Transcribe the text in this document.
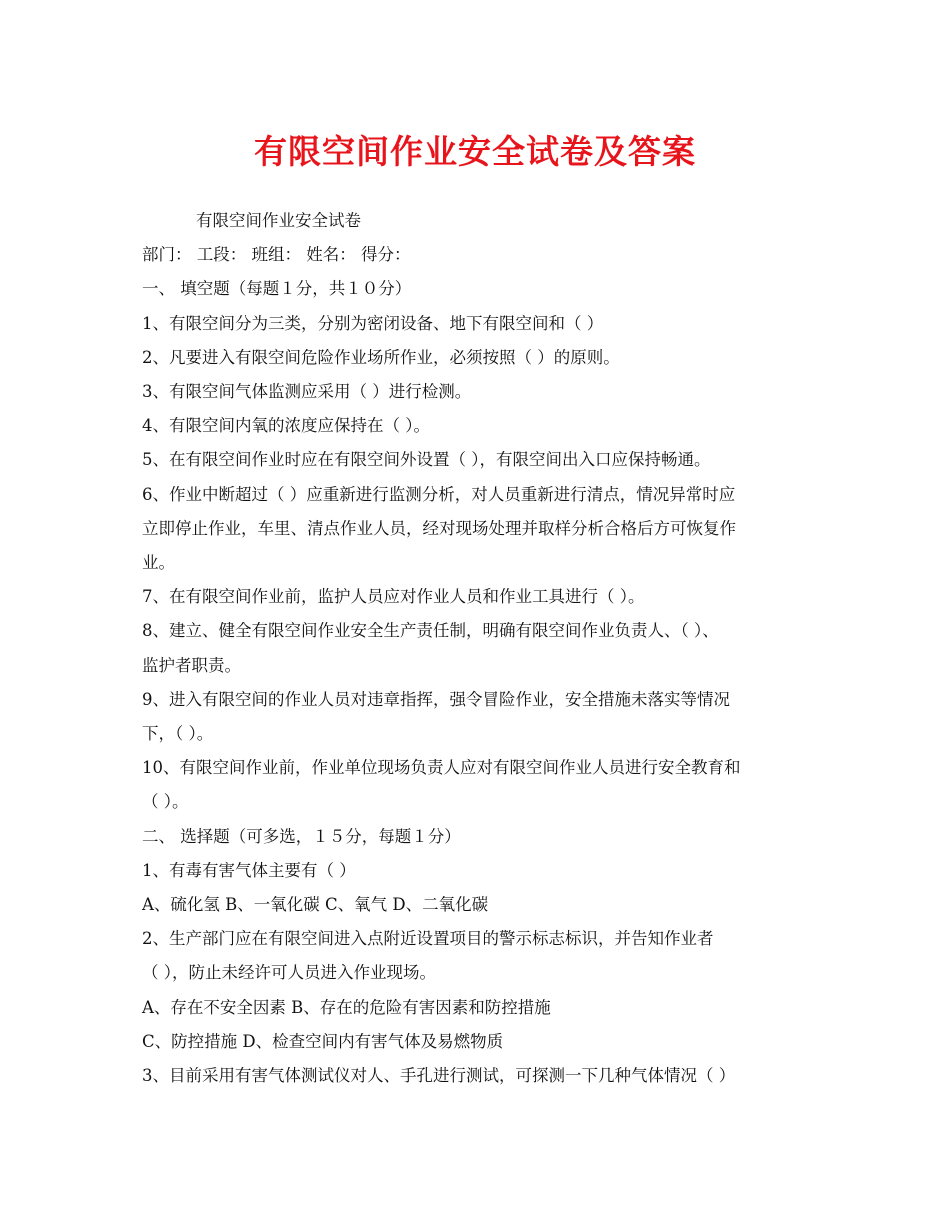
有限空间作业安全试卷及答案
有限空间作业安全试卷
部门： 工段： 班组： 姓名： 得分：
一、 填空题（每题１分，共１０分）
1、有限空间分为三类，分别为密闭设备、地下有限空间和（ ）
2、凡要进入有限空间危险作业场所作业，必须按照（ ）的原则。
3、有限空间气体监测应采用（ ）进行检测。
4、有限空间内氧的浓度应保持在（ ）。
5、在有限空间作业时应在有限空间外设置（ ），有限空间出入口应保持畅通。
6、作业中断超过（ ）应重新进行监测分析，对人员重新进行清点，情况异常时应
立即停止作业，车里、清点作业人员，经对现场处理并取样分析合格后方可恢复作
业。
7、在有限空间作业前，监护人员应对作业人员和作业工具进行（ ）。
8、建立、健全有限空间作业安全生产责任制，明确有限空间作业负责人、（ ）、
监护者职责。
9、进入有限空间的作业人员对违章指挥，强令冒险作业，安全措施未落实等情况
下，（ ）。
10、有限空间作业前，作业单位现场负责人应对有限空间作业人员进行安全教育和
（ ）。
二、 选择题（可多选，１５分，每题１分）
1、有毒有害气体主要有（ ）
A、硫化氢 B、一氧化碳 C、氧气 D、二氧化碳
2、生产部门应在有限空间进入点附近设置项目的警示标志标识，并告知作业者
（ ），防止未经许可人员进入作业现场。
A、存在不安全因素 B、存在的危险有害因素和防控措施
C、防控措施 D、检查空间内有害气体及易燃物质
3、目前采用有害气体测试仪对人、手孔进行测试，可探测一下几种气体情况（ ）
